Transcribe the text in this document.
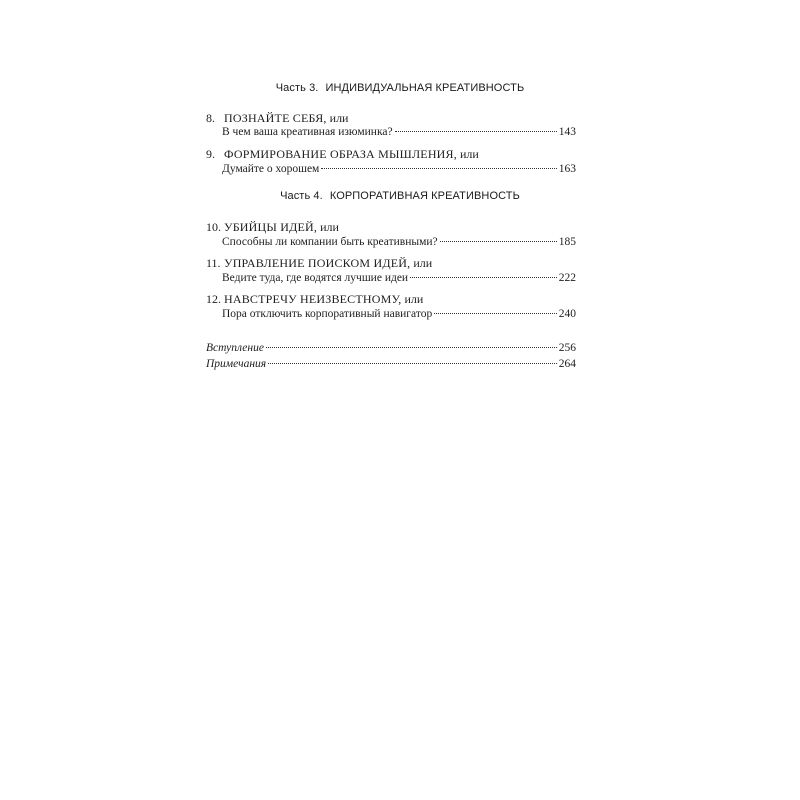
Часть 3. ИНДИВИДУАЛЬНАЯ КРЕАТИВНОСТЬ
8. ПОЗНАЙТЕ СЕБЯ, или
В чем ваша креативная изюминка?	143
9. ФОРМИРОВАНИЕ ОБРАЗА МЫШЛЕНИЯ, или
Думайте о хорошем	163
Часть 4. КОРПОРАТИВНАЯ КРЕАТИВНОСТЬ
10. УБИЙЦЫ ИДЕЙ, или
Способны ли компании быть креативными?	185
11. УПРАВЛЕНИЕ ПОИСКОМ ИДЕЙ, или
Ведите туда, где водятся лучшие идеи	222
12. НАВСТРЕЧУ НЕИЗВЕСТНОМУ, или
Пора отключить корпоративный навигатор	240
Вступление	256
Примечания	264
